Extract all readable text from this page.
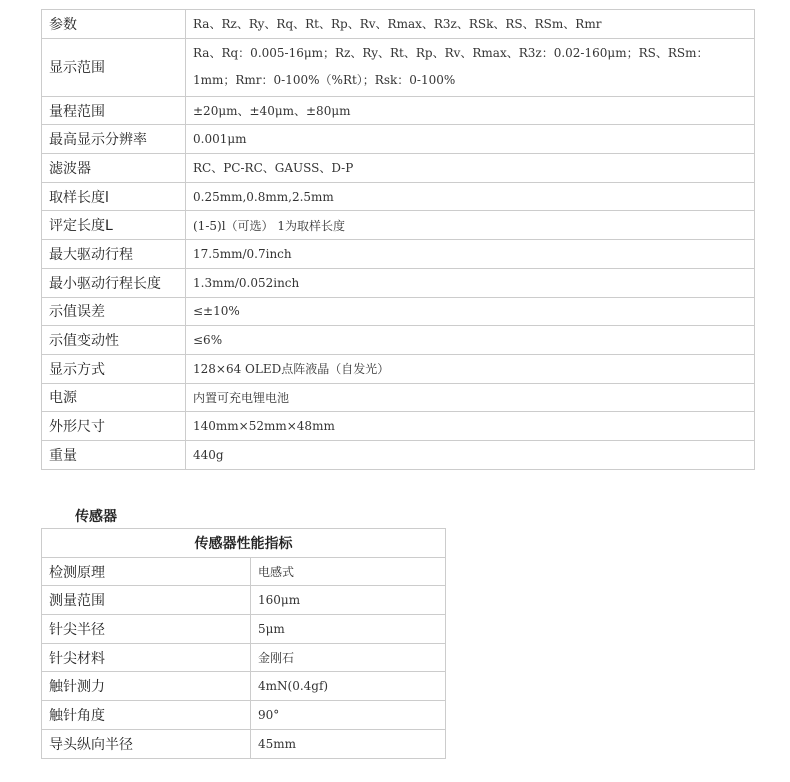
参数	Ra、Rz、Ry、Rq、Rt、Rp、Rv、Rmax、R3z、RSk、RS、RSm、Rmr
显示范围	Ra、Rq：0.005-16μm；Rz、Ry、Rt、Rp、Rv、Rmax、R3z：0.02-160μm；RS、RSm：1mm；Rmr：0-100%（%Rt）；Rsk：0-100%
量程范围	±20μm、±40μm、±80μm
最高显示分辨率	0.001μm
滤波器	RC、PC-RC、GAUSS、D-P
取样长度l	0.25mm,0.8mm,2.5mm
评定长度L	(1-5)l（可选） 1为取样长度
最大驱动行程	17.5mm/0.7inch
最小驱动行程长度	1.3mm/0.052inch
示值误差	≤±10%
示值变动性	≤6%
显示方式	128×64 OLED点阵液晶（自发光）
电源	内置可充电锂电池
外形尺寸	140mm×52mm×48mm
重量	440g
传感器
传感器性能指标	
检测原理	电感式
测量范围	160μm
针尖半径	5μm
针尖材料	金刚石
触针测力	4mN(0.4gf)
触针角度	90°
导头纵向半径	45mm
